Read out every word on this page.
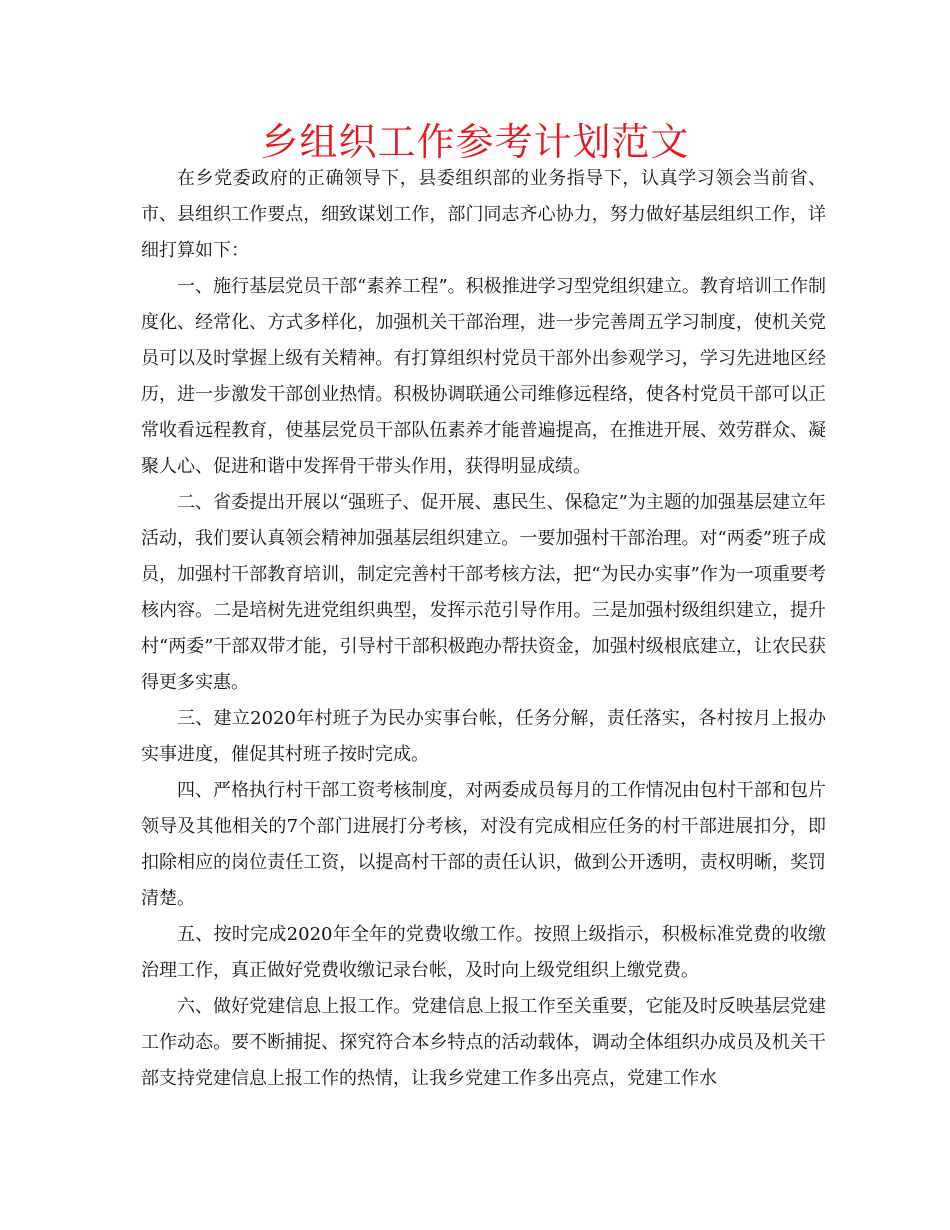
乡组织工作参考计划范文

在乡党委政府的正确领导下，县委组织部的业务指导下，认真学习领会当前省、市、县组织工作要点，细致谋划工作，部门同志齐心协力，努力做好基层组织工作，详细打算如下：

一、施行基层党员干部“素养工程”。积极推进学习型党组织建立。教育培训工作制度化、经常化、方式多样化，加强机关干部治理，进一步完善周五学习制度，使机关党员可以及时掌握上级有关精神。有打算组织村党员干部外出参观学习，学习先进地区经历，进一步激发干部创业热情。积极协调联通公司维修远程络，使各村党员干部可以正常收看远程教育，使基层党员干部队伍素养才能普遍提高，在推进开展、效劳群众、凝聚人心、促进和谐中发挥骨干带头作用，获得明显成绩。

二、省委提出开展以“强班子、促开展、惠民生、保稳定”为主题的加强基层建立年活动，我们要认真领会精神加强基层组织建立。一要加强村干部治理。对“两委”班子成员，加强村干部教育培训，制定完善村干部考核方法，把“为民办实事”作为一项重要考核内容。二是培树先进党组织典型，发挥示范引导作用。三是加强村级组织建立，提升村“两委”干部双带才能，引导村干部积极跑办帮扶资金，加强村级根底建立，让农民获得更多实惠。

三、建立2020年村班子为民办实事台帐，任务分解，责任落实，各村按月上报办实事进度，催促其村班子按时完成。

四、严格执行村干部工资考核制度，对两委成员每月的工作情况由包村干部和包片领导及其他相关的7个部门进展打分考核，对没有完成相应任务的村干部进展扣分，即扣除相应的岗位责任工资，以提高村干部的责任认识，做到公开透明，责权明晰，奖罚清楚。

五、按时完成2020年全年的党费收缴工作。按照上级指示，积极标准党费的收缴治理工作，真正做好党费收缴记录台帐，及时向上级党组织上缴党费。

六、做好党建信息上报工作。党建信息上报工作至关重要，它能及时反映基层党建工作动态。要不断捕捉、探究符合本乡特点的活动载体，调动全体组织办成员及机关干部支持党建信息上报工作的热情，让我乡党建工作多出亮点，党建工作水
